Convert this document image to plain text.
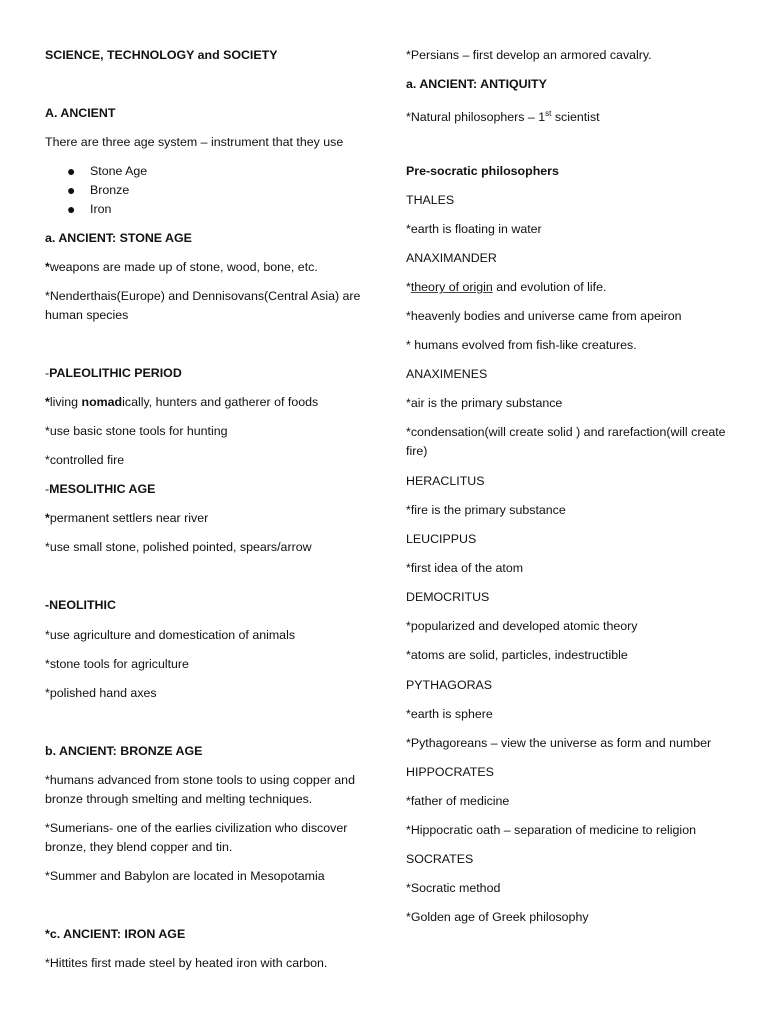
SCIENCE, TECHNOLOGY and SOCIETY
A. ANCIENT
There are three age system – instrument that they use
● Stone Age
● Bronze
● Iron
a. ANCIENT: STONE AGE
*weapons are made up of stone, wood, bone, etc.
*Nenderthais(Europe) and Dennisovans(Central Asia) are human species
-PALEOLITHIC PERIOD
*living nomadically, hunters and gatherer of foods
*use basic stone tools for hunting
*controlled fire
-MESOLITHIC AGE
*permanent settlers near river
*use small stone, polished pointed, spears/arrow
-NEOLITHIC
*use agriculture and domestication of animals
*stone tools for agriculture
*polished hand axes
b. ANCIENT: BRONZE AGE
*humans advanced from stone tools to using copper and bronze through smelting and melting techniques.
*Sumerians- one of the earlies civilization who discover bronze, they blend copper and tin.
*Summer and Babylon are located in Mesopotamia
*c. ANCIENT: IRON AGE
*Hittites first made steel by heated iron with carbon.
*Persians – first develop an armored cavalry.
a. ANCIENT: ANTIQUITY
*Natural philosophers – 1st scientist
Pre-socratic philosophers
THALES
*earth is floating in water
ANAXIMANDER
*theory of origin and evolution of life.
*heavenly bodies and universe came from apeiron
* humans evolved from fish-like creatures.
ANAXIMENES
*air is the primary substance
*condensation(will create solid ) and rarefaction(will create fire)
HERACLITUS
*fire is the primary substance
LEUCIPPUS
*first idea of the atom
DEMOCRITUS
*popularized and developed atomic theory
*atoms are solid, particles, indestructible
PYTHAGORAS
*earth is sphere
*Pythagoreans – view the universe as form and number
HIPPOCRATES
*father of medicine
*Hippocratic oath – separation of medicine to religion
SOCRATES
*Socratic method
*Golden age of Greek philosophy
